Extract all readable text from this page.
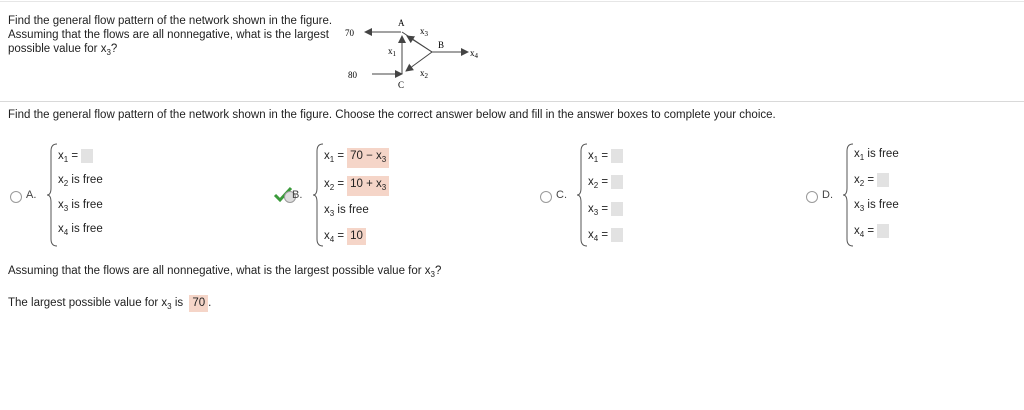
Find the general flow pattern of the network shown in the figure.
Assuming that the flows are all nonnegative, what is the largest
possible value for $x_3$?
70
80
A
B
C
$x_1$
$x_2$
$x_3$
$x_4$
Find the general flow pattern of the network shown in the figure. Choose the correct answer below and fill in the answer boxes to complete your choice.
A.
$x_1$ =
$x_2$ is free
$x_3$ is free
$x_4$ is free
B.
$x_1 = 70 - x_3$
$x_2 = 10 + x_3$
$x_3$ is free
$x_4 = 10$
C.
$x_1$ =
$x_2$ =
$x_3$ =
$x_4$ =
D.
$x_1$ is free
$x_2$ =
$x_3$ is free
$x_4$ =
Assuming that the flows are all nonnegative, what is the largest possible value for $x_3$?
The largest possible value for $x_3$ is 70 .
